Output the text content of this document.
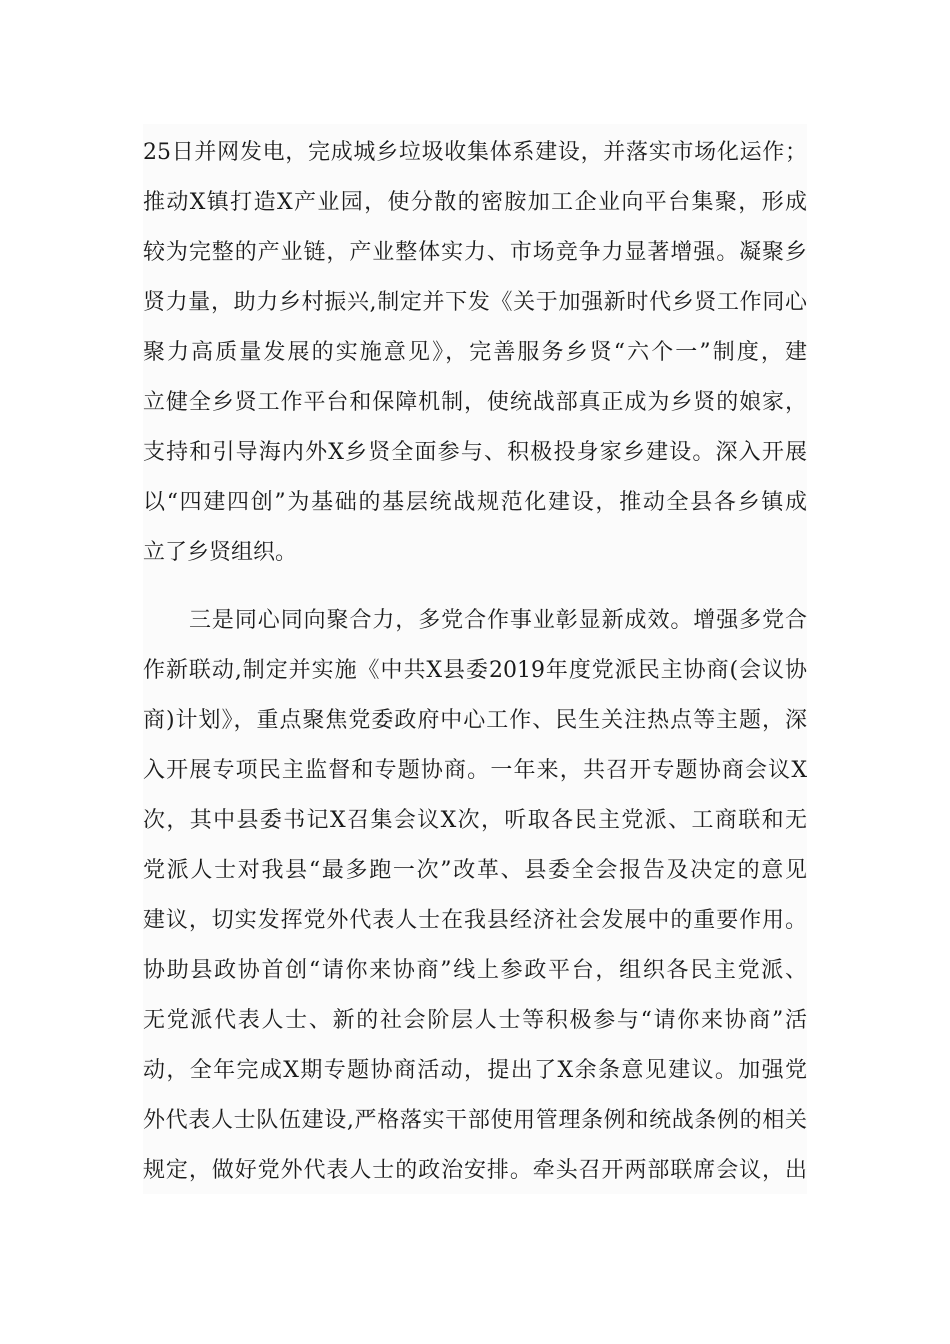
25日并网发电，完成城乡垃圾收集体系建设，并落实市场化运作；
推动X镇打造X产业园，使分散的密胺加工企业向平台集聚，形成
较为完整的产业链，产业整体实力、市场竞争力显著增强。凝聚乡
贤力量，助力乡村振兴,制定并下发《关于加强新时代乡贤工作同心
聚力高质量发展的实施意见》，完善服务乡贤“六个一”制度，建
立健全乡贤工作平台和保障机制，使统战部真正成为乡贤的娘家，
支持和引导海内外X乡贤全面参与、积极投身家乡建设。深入开展
以“四建四创”为基础的基层统战规范化建设，推动全县各乡镇成
立了乡贤组织。
三是同心同向聚合力，多党合作事业彰显新成效。增强多党合
作新联动,制定并实施《中共X县委2019年度党派民主协商(会议协
商)计划》，重点聚焦党委政府中心工作、民生关注热点等主题，深
入开展专项民主监督和专题协商。一年来，共召开专题协商会议X
次，其中县委书记X召集会议X次，听取各民主党派、工商联和无
党派人士对我县“最多跑一次”改革、县委全会报告及决定的意见
建议，切实发挥党外代表人士在我县经济社会发展中的重要作用。
协助县政协首创“请你来协商”线上参政平台，组织各民主党派、
无党派代表人士、新的社会阶层人士等积极参与“请你来协商”活
动，全年完成X期专题协商活动，提出了X余条意见建议。加强党
外代表人士队伍建设,严格落实干部使用管理条例和统战条例的相关
规定，做好党外代表人士的政治安排。牵头召开两部联席会议，出
